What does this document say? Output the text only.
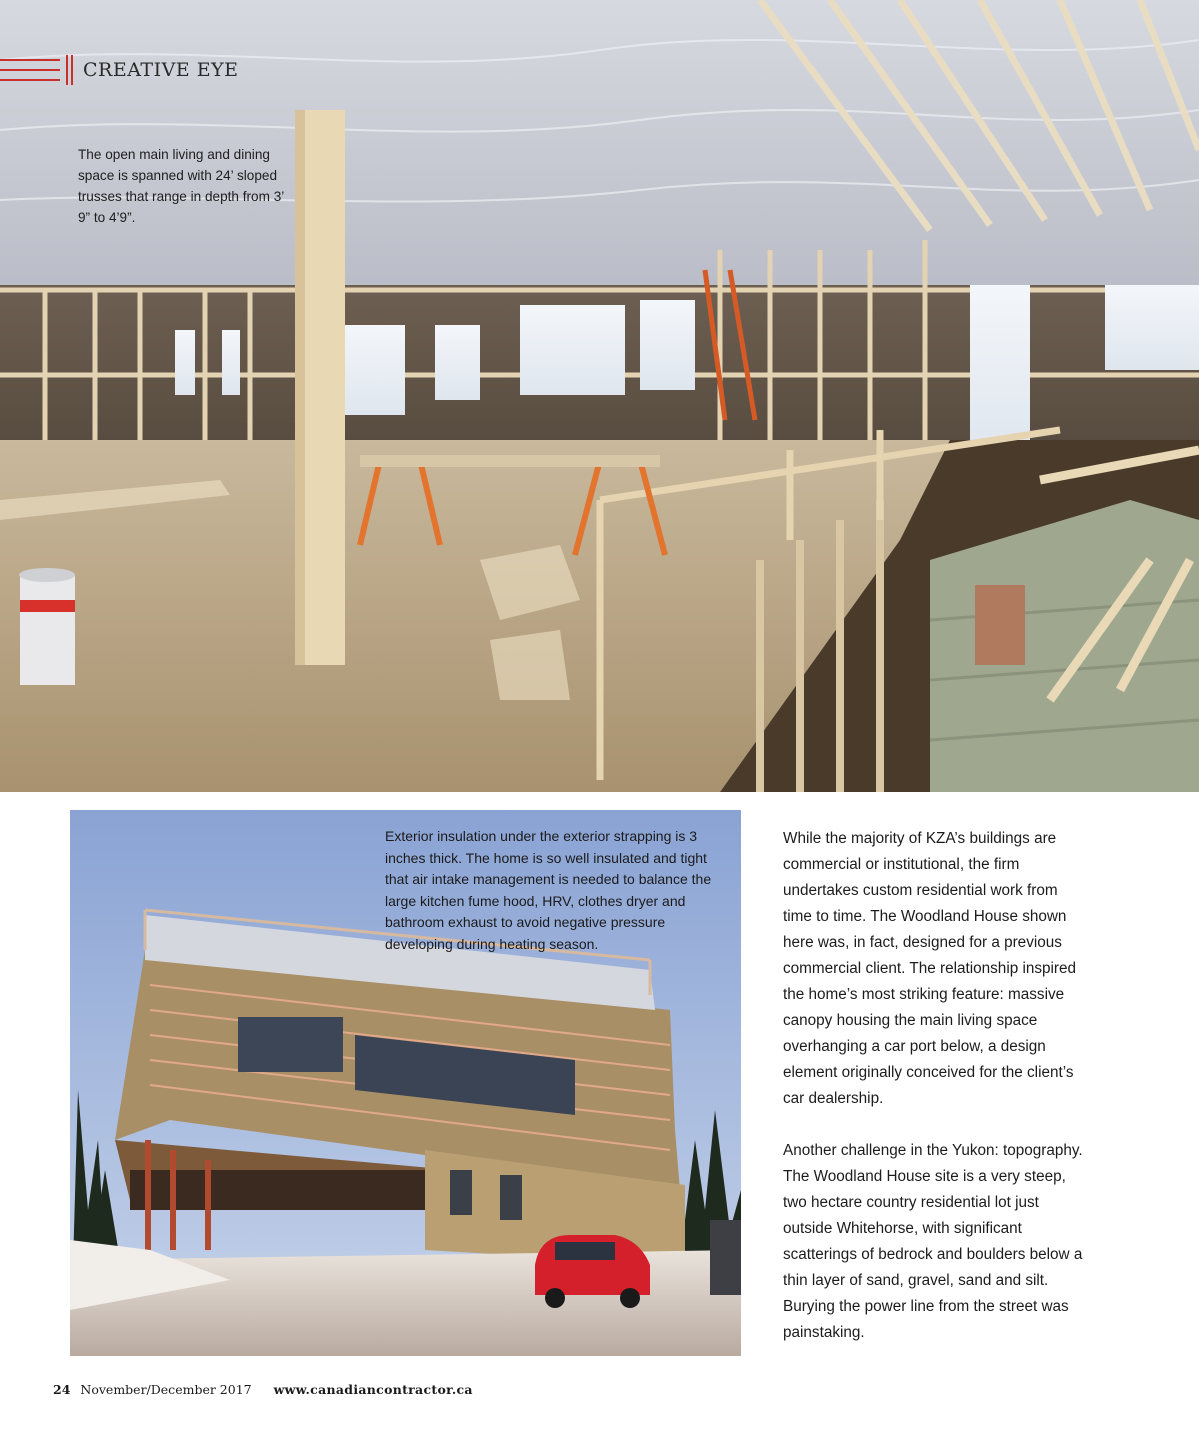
CREATIVE EYE
The open main living and dining space is spanned with 24’ sloped trusses that range in depth from 3’ 9” to 4’9”.
Exterior insulation under the exterior strapping is 3 inches thick. The home is so well insulated and tight that air intake management is needed to balance the large kitchen fume hood, HRV, clothes dryer and bathroom exhaust to avoid negative pressure developing during heating season.

While the majority of KZA’s buildings are commercial or institutional, the firm undertakes custom residential work from time to time. The Woodland House shown here was, in fact, designed for a previous commercial client. The relationship inspired the home’s most striking feature: massive canopy housing the main living space overhanging a car port below, a design element originally conceived for the client’s car dealership.

Another challenge in the Yukon: topography. The Woodland House site is a very steep, two hectare country residential lot just outside Whitehorse, with significant scatterings of bedrock and boulders below a thin layer of sand, gravel, sand and silt. Burying the power line from the street was painstaking.

24 November/December 2017 www.canadiancontractor.ca
